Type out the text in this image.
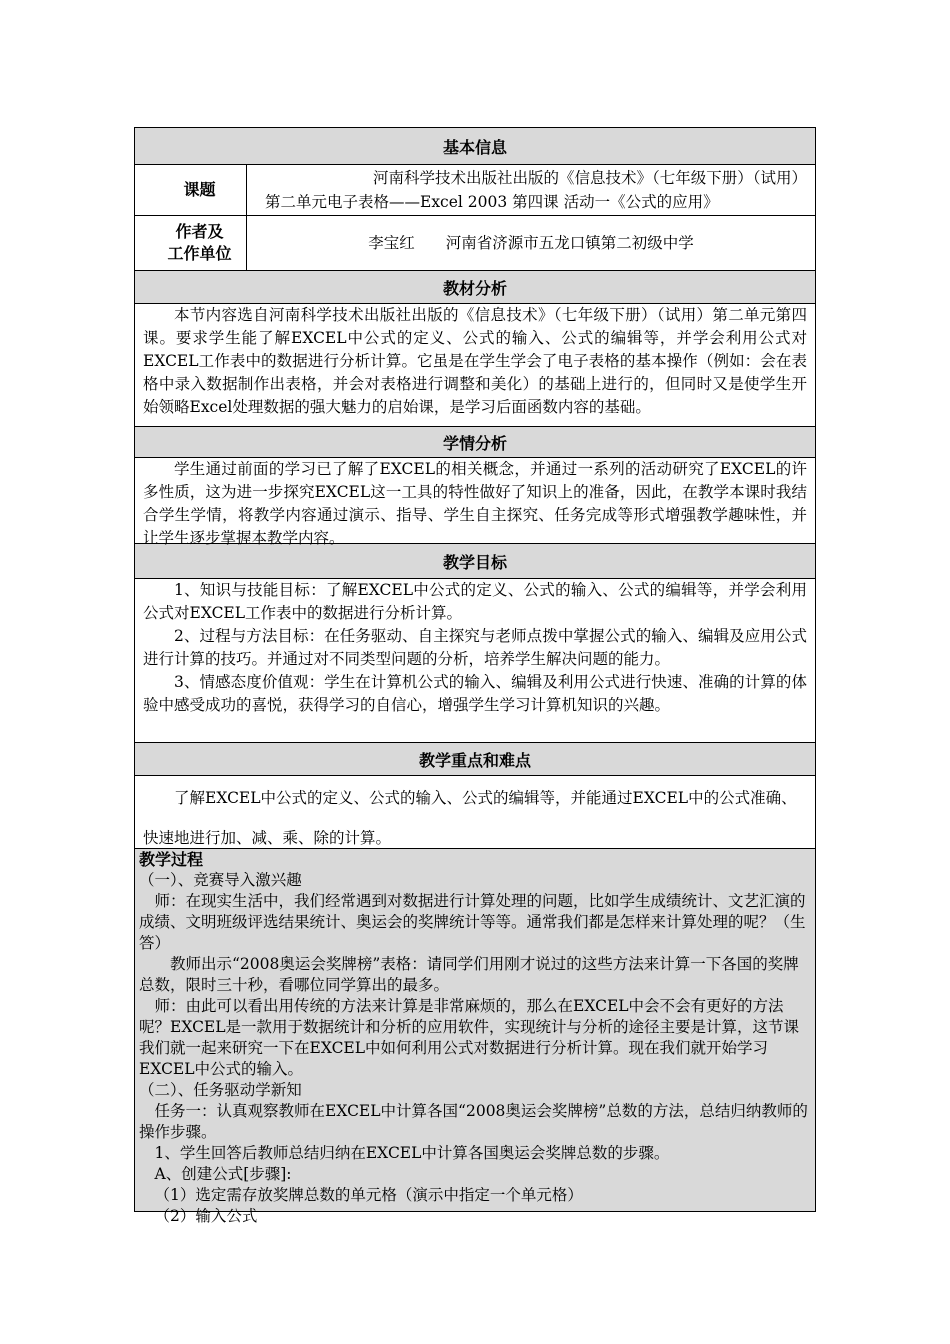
基本信息
课题
河南科学技术出版社出版的《信息技术》（七年级下册）（试用）
第二单元电子表格——Excel 2003 第四课 活动一《公式的应用》
作者及
工作单位
李宝红　　河南省济源市五龙口镇第二初级中学
教材分析

本节内容选自河南科学技术出版社出版的《信息技术》（七年级下册）（试用）第二单元第四课。要求学生能了解EXCEL中公式的定义、公式的输入、公式的编辑等，并学会利用公式对EXCEL工作表中的数据进行分析计算。它虽是在学生学会了电子表格的基本操作（例如：会在表格中录入数据制作出表格，并会对表格进行调整和美化）的基础上进行的，但同时又是使学生开始领略Excel处理数据的强大魅力的启始课，是学习后面函数内容的基础。

学情分析

学生通过前面的学习已了解了EXCEL的相关概念，并通过一系列的活动研究了EXCEL的许多性质，这为进一步探究EXCEL这一工具的特性做好了知识上的准备，因此，在教学本课时我结合学生学情，将教学内容通过演示、指导、学生自主探究、任务完成等形式增强教学趣味性，并让学生逐步掌握本教学内容。

教学目标

1、知识与技能目标：了解EXCEL中公式的定义、公式的输入、公式的编辑等，并学会利用公式对EXCEL工作表中的数据进行分析计算。

2、过程与方法目标：在任务驱动、自主探究与老师点拨中掌握公式的输入、编辑及应用公式进行计算的技巧。并通过对不同类型问题的分析，培养学生解决问题的能力。

3、情感态度价值观：学生在计算机公式的输入、编辑及利用公式进行快速、准确的计算的体验中感受成功的喜悦，获得学习的自信心，增强学生学习计算机知识的兴趣。

教学重点和难点

了解EXCEL中公式的定义、公式的输入、公式的编辑等，并能通过EXCEL中的公式准确、快速地进行加、减、乘、除的计算。

教学过程

（一）、竞赛导入激兴趣

师：在现实生活中，我们经常遇到对数据进行计算处理的问题，比如学生成绩统计、文艺汇演的成绩、文明班级评选结果统计、奥运会的奖牌统计等等。通常我们都是怎样来计算处理的呢？（生答）

教师出示“2008奥运会奖牌榜”表格：请同学们用刚才说过的这些方法来计算一下各国的奖牌总数，限时三十秒，看哪位同学算出的最多。

师：由此可以看出用传统的方法来计算是非常麻烦的，那么在EXCEL中会不会有更好的方法呢？EXCEL是一款用于数据统计和分析的应用软件，实现统计与分析的途径主要是计算，这节课我们就一起来研究一下在EXCEL中如何利用公式对数据进行分析计算。现在我们就开始学习EXCEL中公式的输入。

（二）、任务驱动学新知

任务一：认真观察教师在EXCEL中计算各国“2008奥运会奖牌榜”总数的方法，总结归纳教师的操作步骤。

1、学生回答后教师总结归纳在EXCEL中计算各国奥运会奖牌总数的步骤。

A、创建公式[步骤]:

（1）选定需存放奖牌总数的单元格（演示中指定一个单元格）

（2）输入公式
